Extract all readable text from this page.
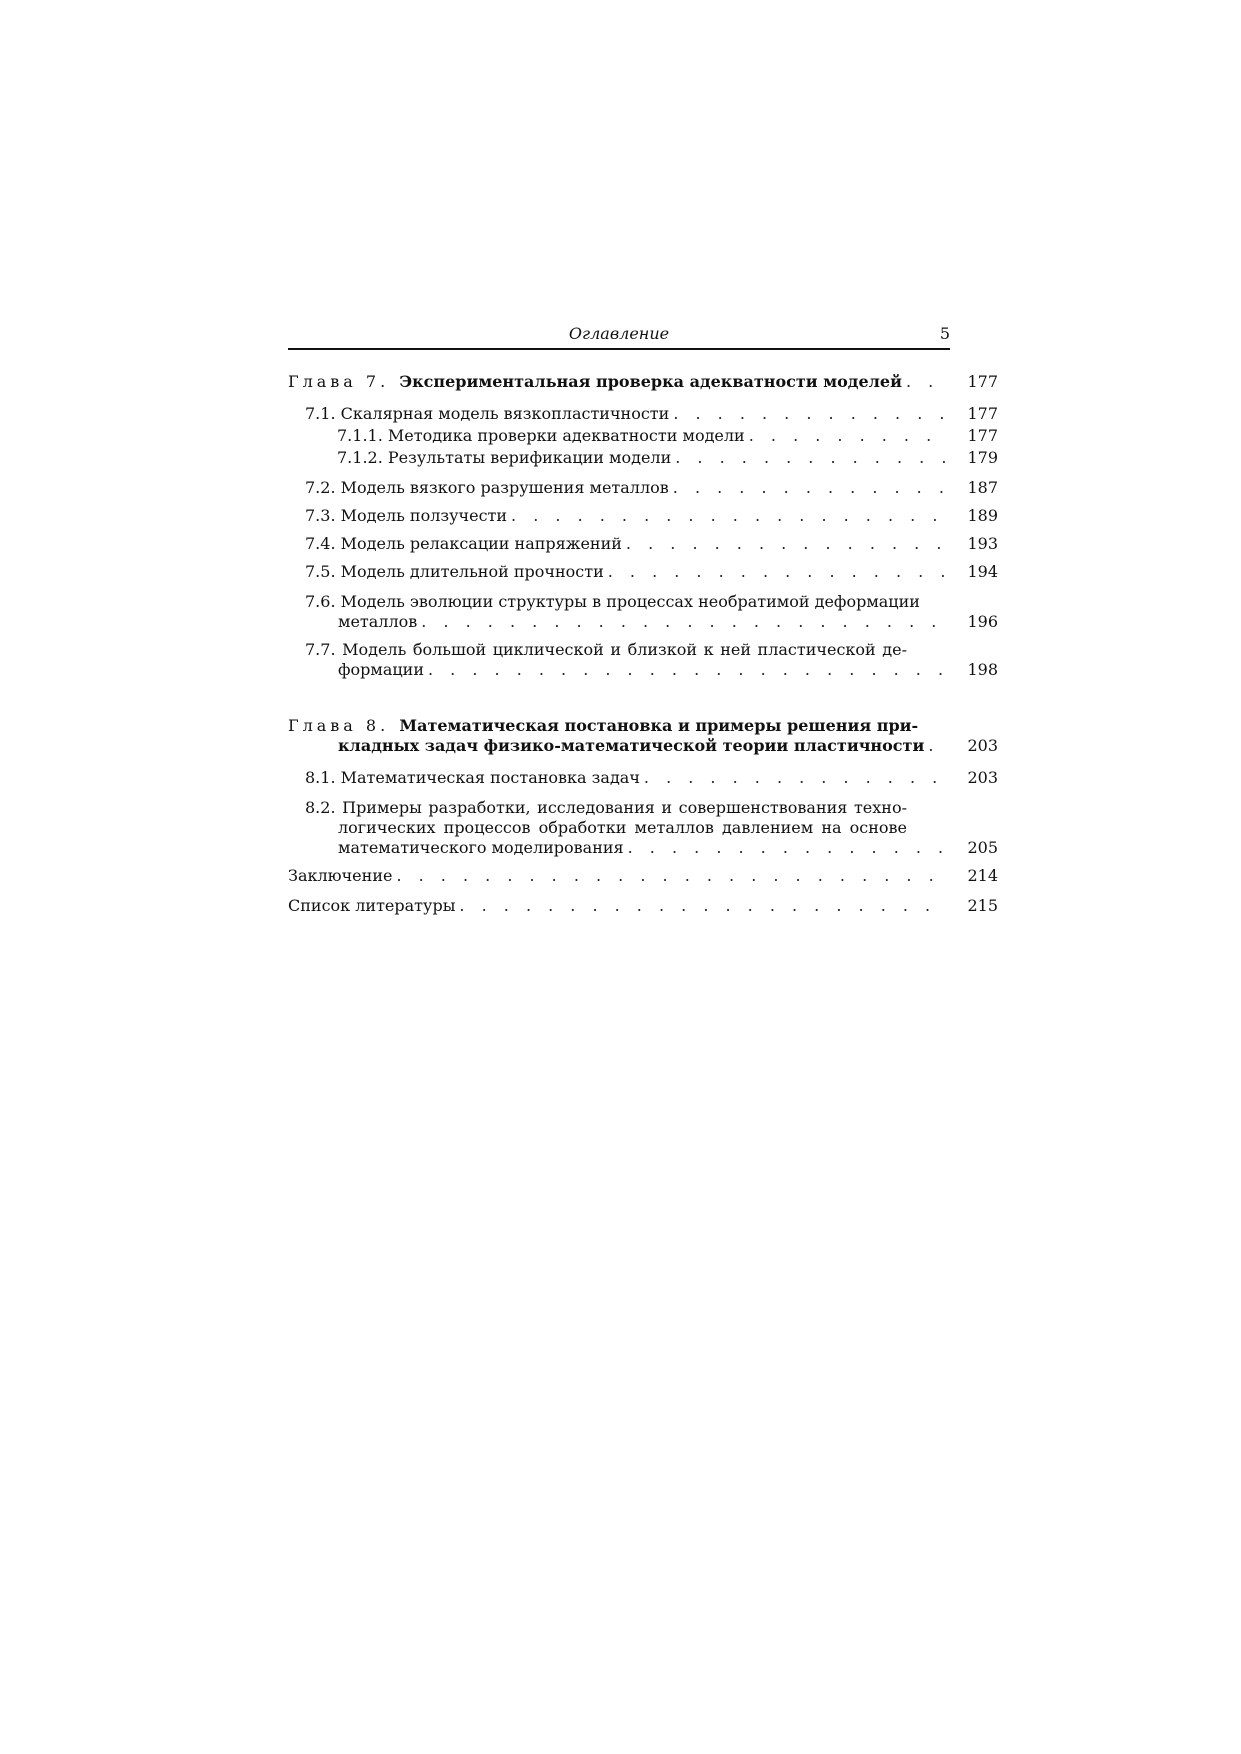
Оглавление	5
Глава 7. Экспериментальная проверка адекватности моделей . . .	177
7.1. Скалярная модель вязкопластичности . . .	177
7.1.1. Методика проверки адекватности модели . . .	177
7.1.2. Результаты верификации модели . . .	179
7.2. Модель вязкого разрушения металлов . . .	187
7.3. Модель ползучести . . .	189
7.4. Модель релаксации напряжений . . .	193
7.5. Модель длительной прочности . . .	194
7.6. Модель эволюции структуры в процессах необратимой деформации
металлов . . .	196
7.7. Модель большой циклической и близкой к ней пластической де-
формации . . .	198
Глава 8. Математическая постановка и примеры решения при-
кладных задач физико-математической теории пластичности . . .	203
8.1. Математическая постановка задач . . .	203
8.2. Примеры разработки, исследования и совершенствования техно-
логических процессов обработки металлов давлением на основе
математического моделирования . . .	205
Заключение . . .	214
Список литературы . . .	215
